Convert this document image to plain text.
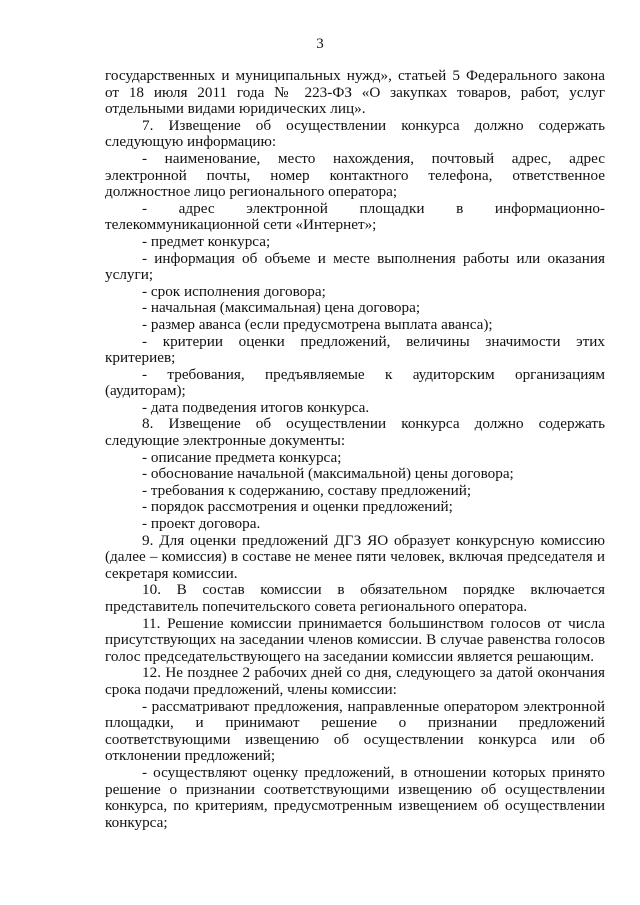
3

государственных и муниципальных нужд», статьей 5 Федерального закона от 18 июля 2011 года № 223-ФЗ «О закупках товаров, работ, услуг отдельными видами юридических лиц».

7. Извещение об осуществлении конкурса должно содержать следующую информацию:

- наименование, место нахождения, почтовый адрес, адрес электронной почты, номер контактного телефона, ответственное должностное лицо регионального оператора;

- адрес электронной площадки в информационно-телекоммуникационной сети «Интернет»;

- предмет конкурса;

- информация об объеме и месте выполнения работы или оказания услуги;

- срок исполнения договора;

- начальная (максимальная) цена договора;

- размер аванса (если предусмотрена выплата аванса);

- критерии оценки предложений, величины значимости этих критериев;

- требования, предъявляемые к аудиторским организациям (аудиторам);

- дата подведения итогов конкурса.

8. Извещение об осуществлении конкурса должно содержать следующие электронные документы:

- описание предмета конкурса;

- обоснование начальной (максимальной) цены договора;

- требования к содержанию, составу предложений;

- порядок рассмотрения и оценки предложений;

- проект договора.

9. Для оценки предложений ДГЗ ЯО образует конкурсную комиссию (далее – комиссия) в составе не менее пяти человек, включая председателя и секретаря комиссии.

10. В состав комиссии в обязательном порядке включается представитель попечительского совета регионального оператора.

11. Решение комиссии принимается большинством голосов от числа присутствующих на заседании членов комиссии. В случае равенства голосов голос председательствующего на заседании комиссии является решающим.

12. Не позднее 2 рабочих дней со дня, следующего за датой окончания срока подачи предложений, члены комиссии:

- рассматривают предложения, направленные оператором электронной площадки, и принимают решение о признании предложений соответствующими извещению об осуществлении конкурса или об отклонении предложений;

- осуществляют оценку предложений, в отношении которых принято решение о признании соответствующими извещению об осуществлении конкурса, по критериям, предусмотренным извещением об осуществлении конкурса;
